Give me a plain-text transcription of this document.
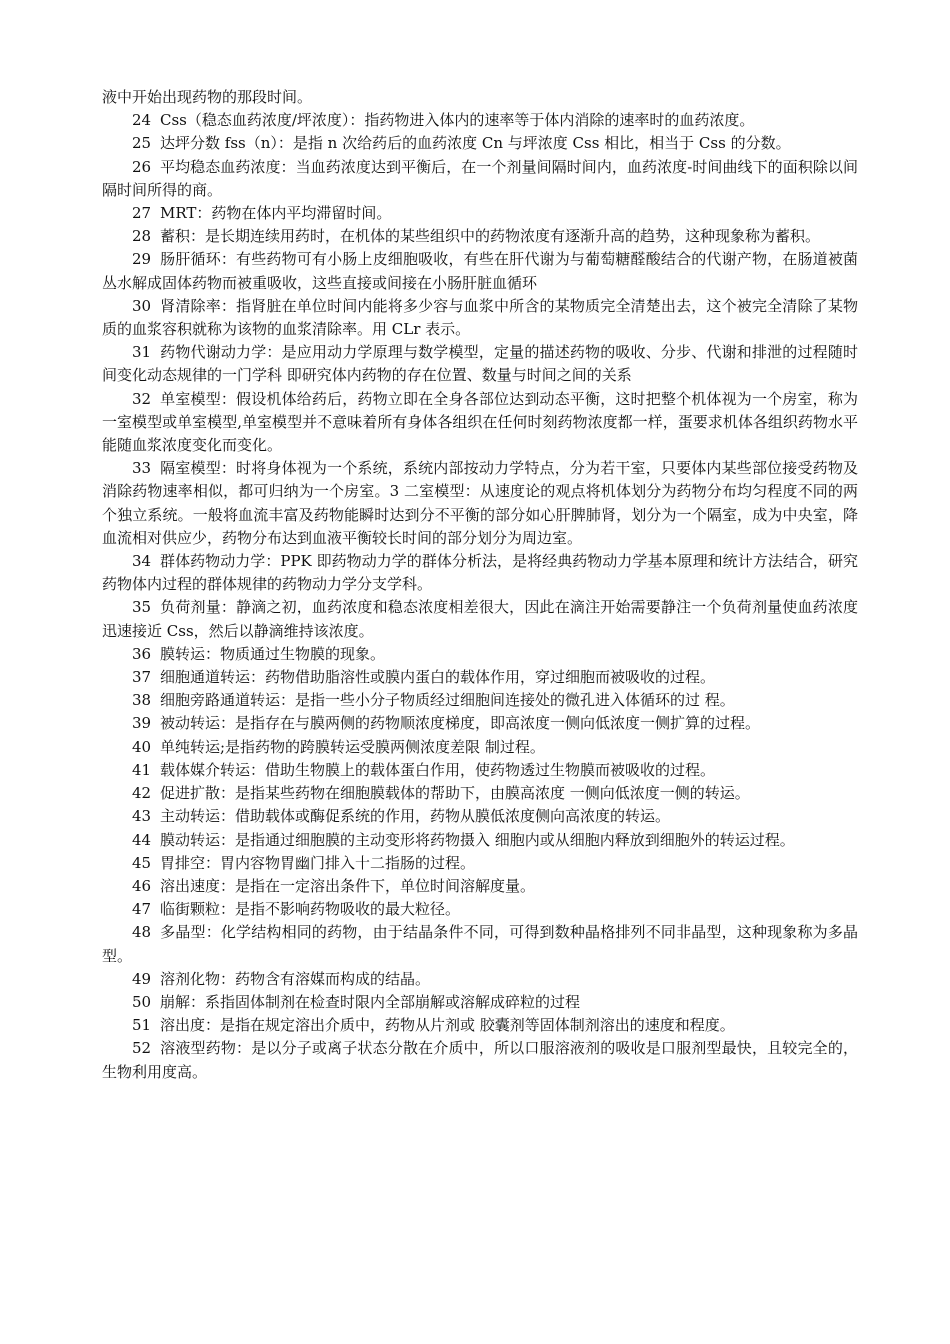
液中开始出现药物的那段时间。

24 Css（稳态血药浓度/坪浓度）：指药物进入体内的速率等于体内消除的速率时的血药浓度。

25 达坪分数 fss（n）：是指 n 次给药后的血药浓度 Cn 与坪浓度 Css 相比，相当于 Css 的分数。

26 平均稳态血药浓度：当血药浓度达到平衡后，在一个剂量间隔时间内，血药浓度-时间曲线下的面积除以间隔时间所得的商。

27 MRT：药物在体内平均滞留时间。

28 蓄积：是长期连续用药时，在机体的某些组织中的药物浓度有逐渐升高的趋势，这种现象称为蓄积。

29 肠肝循环：有些药物可有小肠上皮细胞吸收，有些在肝代谢为与葡萄糖醛酸结合的代谢产物，在肠道被菌丛水解成固体药物而被重吸收，这些直接或间接在小肠肝脏血循环

30 肾清除率：指肾脏在单位时间内能将多少容与血浆中所含的某物质完全清楚出去，这个被完全清除了某物质的血浆容积就称为该物的血浆清除率。用 CLr 表示。

31 药物代谢动力学：是应用动力学原理与数学模型，定量的描述药物的吸收、分步、代谢和排泄的过程随时间变化动态规律的一门学科 即研究体内药物的存在位置、数量与时间之间的关系

32 单室模型：假设机体给药后，药物立即在全身各部位达到动态平衡，这时把整个机体视为一个房室，称为一室模型或单室模型,单室模型并不意味着所有身体各组织在任何时刻药物浓度都一样，蛋要求机体各组织药物水平能随血浆浓度变化而变化。

33 隔室模型：时将身体视为一个系统，系统内部按动力学特点，分为若干室，只要体内某些部位接受药物及消除药物速率相似，都可归纳为一个房室。3 二室模型：从速度论的观点将机体划分为药物分布均匀程度不同的两个独立系统。一般将血流丰富及药物能瞬时达到分不平衡的部分如心肝脾肺肾，划分为一个隔室，成为中央室，降血流相对供应少，药物分布达到血液平衡较长时间的部分划分为周边室。

34 群体药物动力学：PPK 即药物动力学的群体分析法，是将经典药物动力学基本原理和统计方法结合，研究药物体内过程的群体规律的药物动力学分支学科。

35 负荷剂量：静滴之初，血药浓度和稳态浓度相差很大，因此在滴注开始需要静注一个负荷剂量使血药浓度迅速接近 Css，然后以静滴维持该浓度。

36 膜转运：物质通过生物膜的现象。

37 细胞通道转运：药物借助脂溶性或膜内蛋白的载体作用，穿过细胞而被吸收的过程。

38 细胞旁路通道转运：是指一些小分子物质经过细胞间连接处的微孔进入体循环的过 程。

39 被动转运：是指存在与膜两侧的药物顺浓度梯度，即高浓度一侧向低浓度一侧扩算的过程。

40 单纯转运;是指药物的跨膜转运受膜两侧浓度差限 制过程。

41 载体媒介转运：借助生物膜上的载体蛋白作用，使药物透过生物膜而被吸收的过程。

42 促进扩散：是指某些药物在细胞膜载体的帮助下，由膜高浓度 一侧向低浓度一侧的转运。

43 主动转运：借助载体或酶促系统的作用，药物从膜低浓度侧向高浓度的转运。

44 膜动转运：是指通过细胞膜的主动变形将药物摄入 细胞内或从细胞内释放到细胞外的转运过程。

45 胃排空：胃内容物胃幽门排入十二指肠的过程。

46 溶出速度：是指在一定溶出条件下，单位时间溶解度量。

47 临街颗粒：是指不影响药物吸收的最大粒径。

48 多晶型：化学结构相同的药物，由于结晶条件不同，可得到数种晶格排列不同非晶型，这种现象称为多晶型。

49 溶剂化物：药物含有溶媒而构成的结晶。

50 崩解：系指固体制剂在检查时限内全部崩解或溶解成碎粒的过程

51 溶出度：是指在规定溶出介质中，药物从片剂或 胶囊剂等固体制剂溶出的速度和程度。

52 溶液型药物：是以分子或离子状态分散在介质中，所以口服溶液剂的吸收是口服剂型最快，且较完全的，生物利用度高。
